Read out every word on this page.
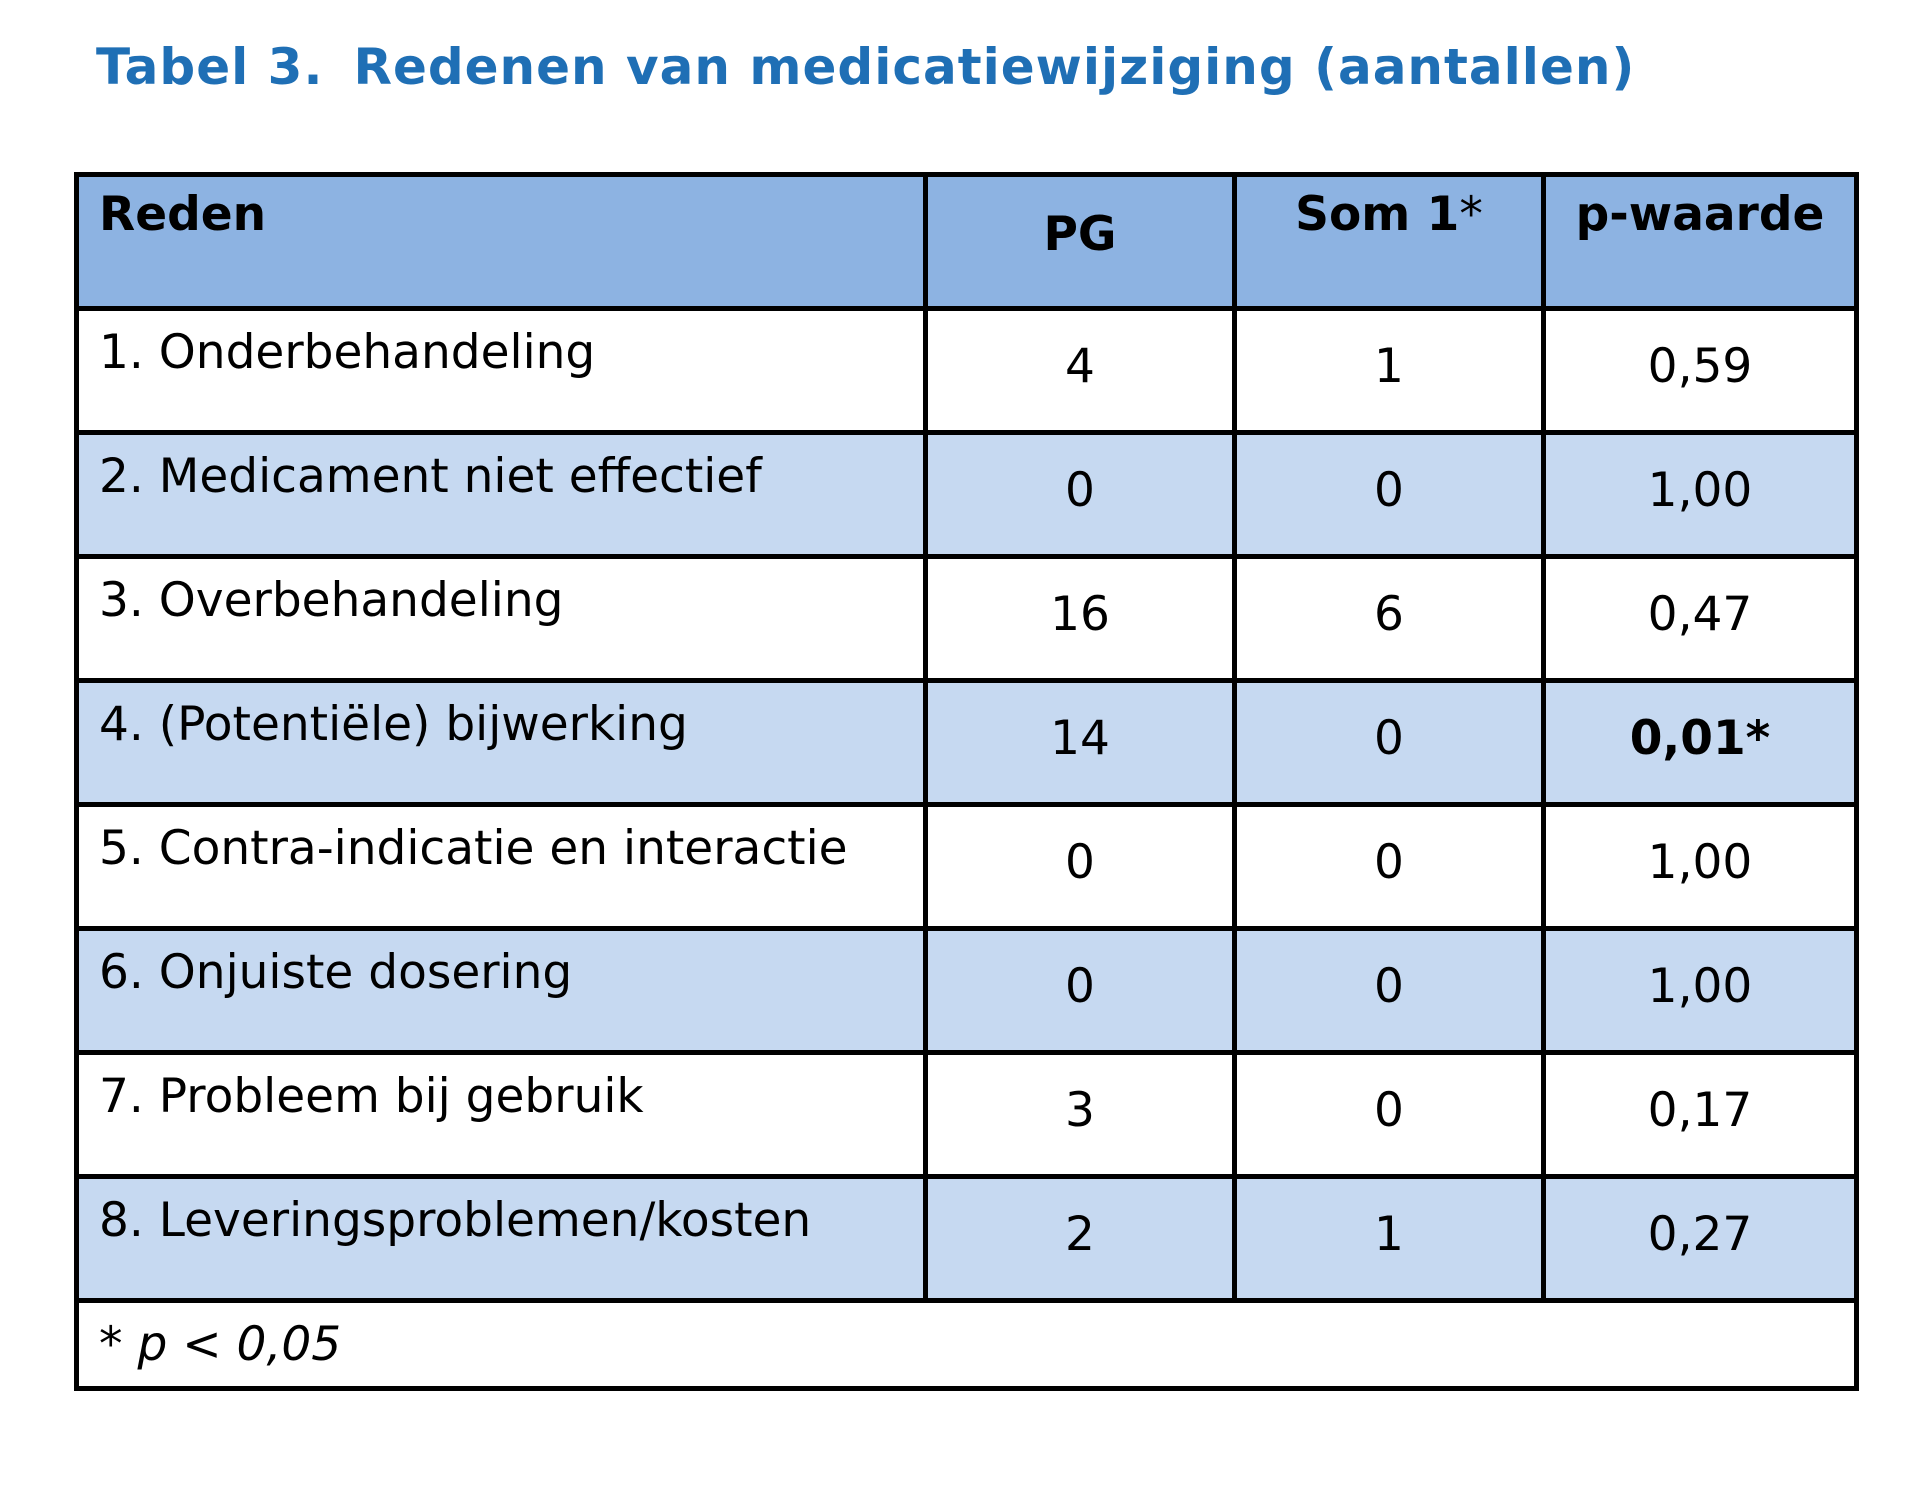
Tabel 3. Redenen van medicatiewijziging (aantallen)
Reden	PG	Som 1*	p-waarde
1. Onderbehandeling	4	1	0,59
2. Medicament niet effectief	0	0	1,00
3. Overbehandeling	16	6	0,47
4. (Potentiële) bijwerking	14	0	0,01*
5. Contra-indicatie en interactie	0	0	1,00
6. Onjuiste dosering	0	0	1,00
7. Probleem bij gebruik	3	0	0,17
8. Leveringsproblemen/kosten	2	1	0,27
* p < 0,05			
